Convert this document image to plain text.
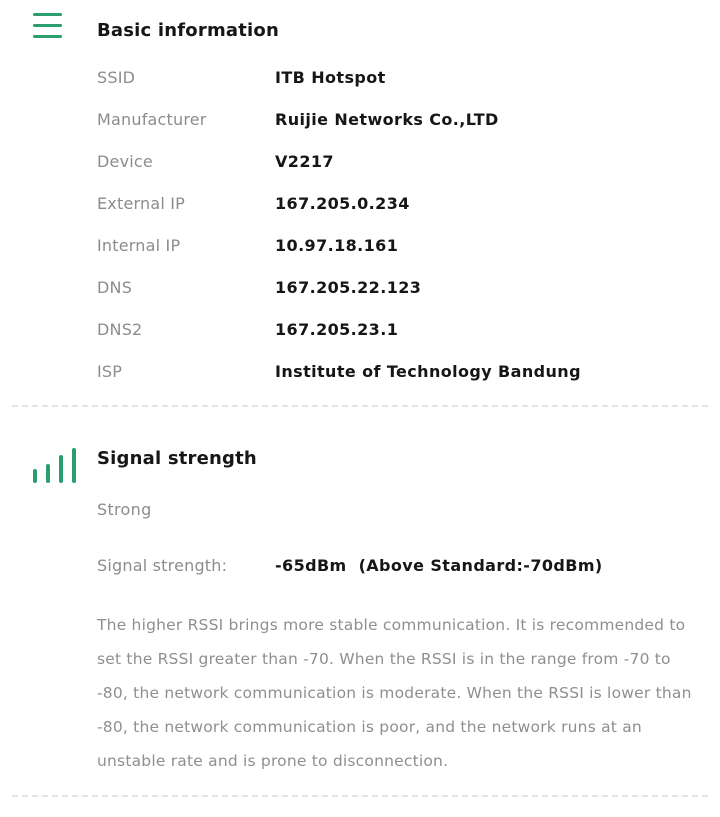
Basic information
SSID	ITB Hotspot
Manufacturer	Ruijie Networks Co.,LTD
Device	V2217
External IP	167.205.0.234
Internal IP	10.97.18.161
DNS	167.205.22.123
DNS2	167.205.23.1
ISP	Institute of Technology Bandung
Signal strength
Strong
Signal strength:	-65dBm  (Above Standard:-70dBm)
The higher RSSI brings more stable communication. It is recommended to set the RSSI greater than -70. When the RSSI is in the range from -70 to -80, the network communication is moderate. When the RSSI is lower than -80, the network communication is poor, and the network runs at an unstable rate and is prone to disconnection.
